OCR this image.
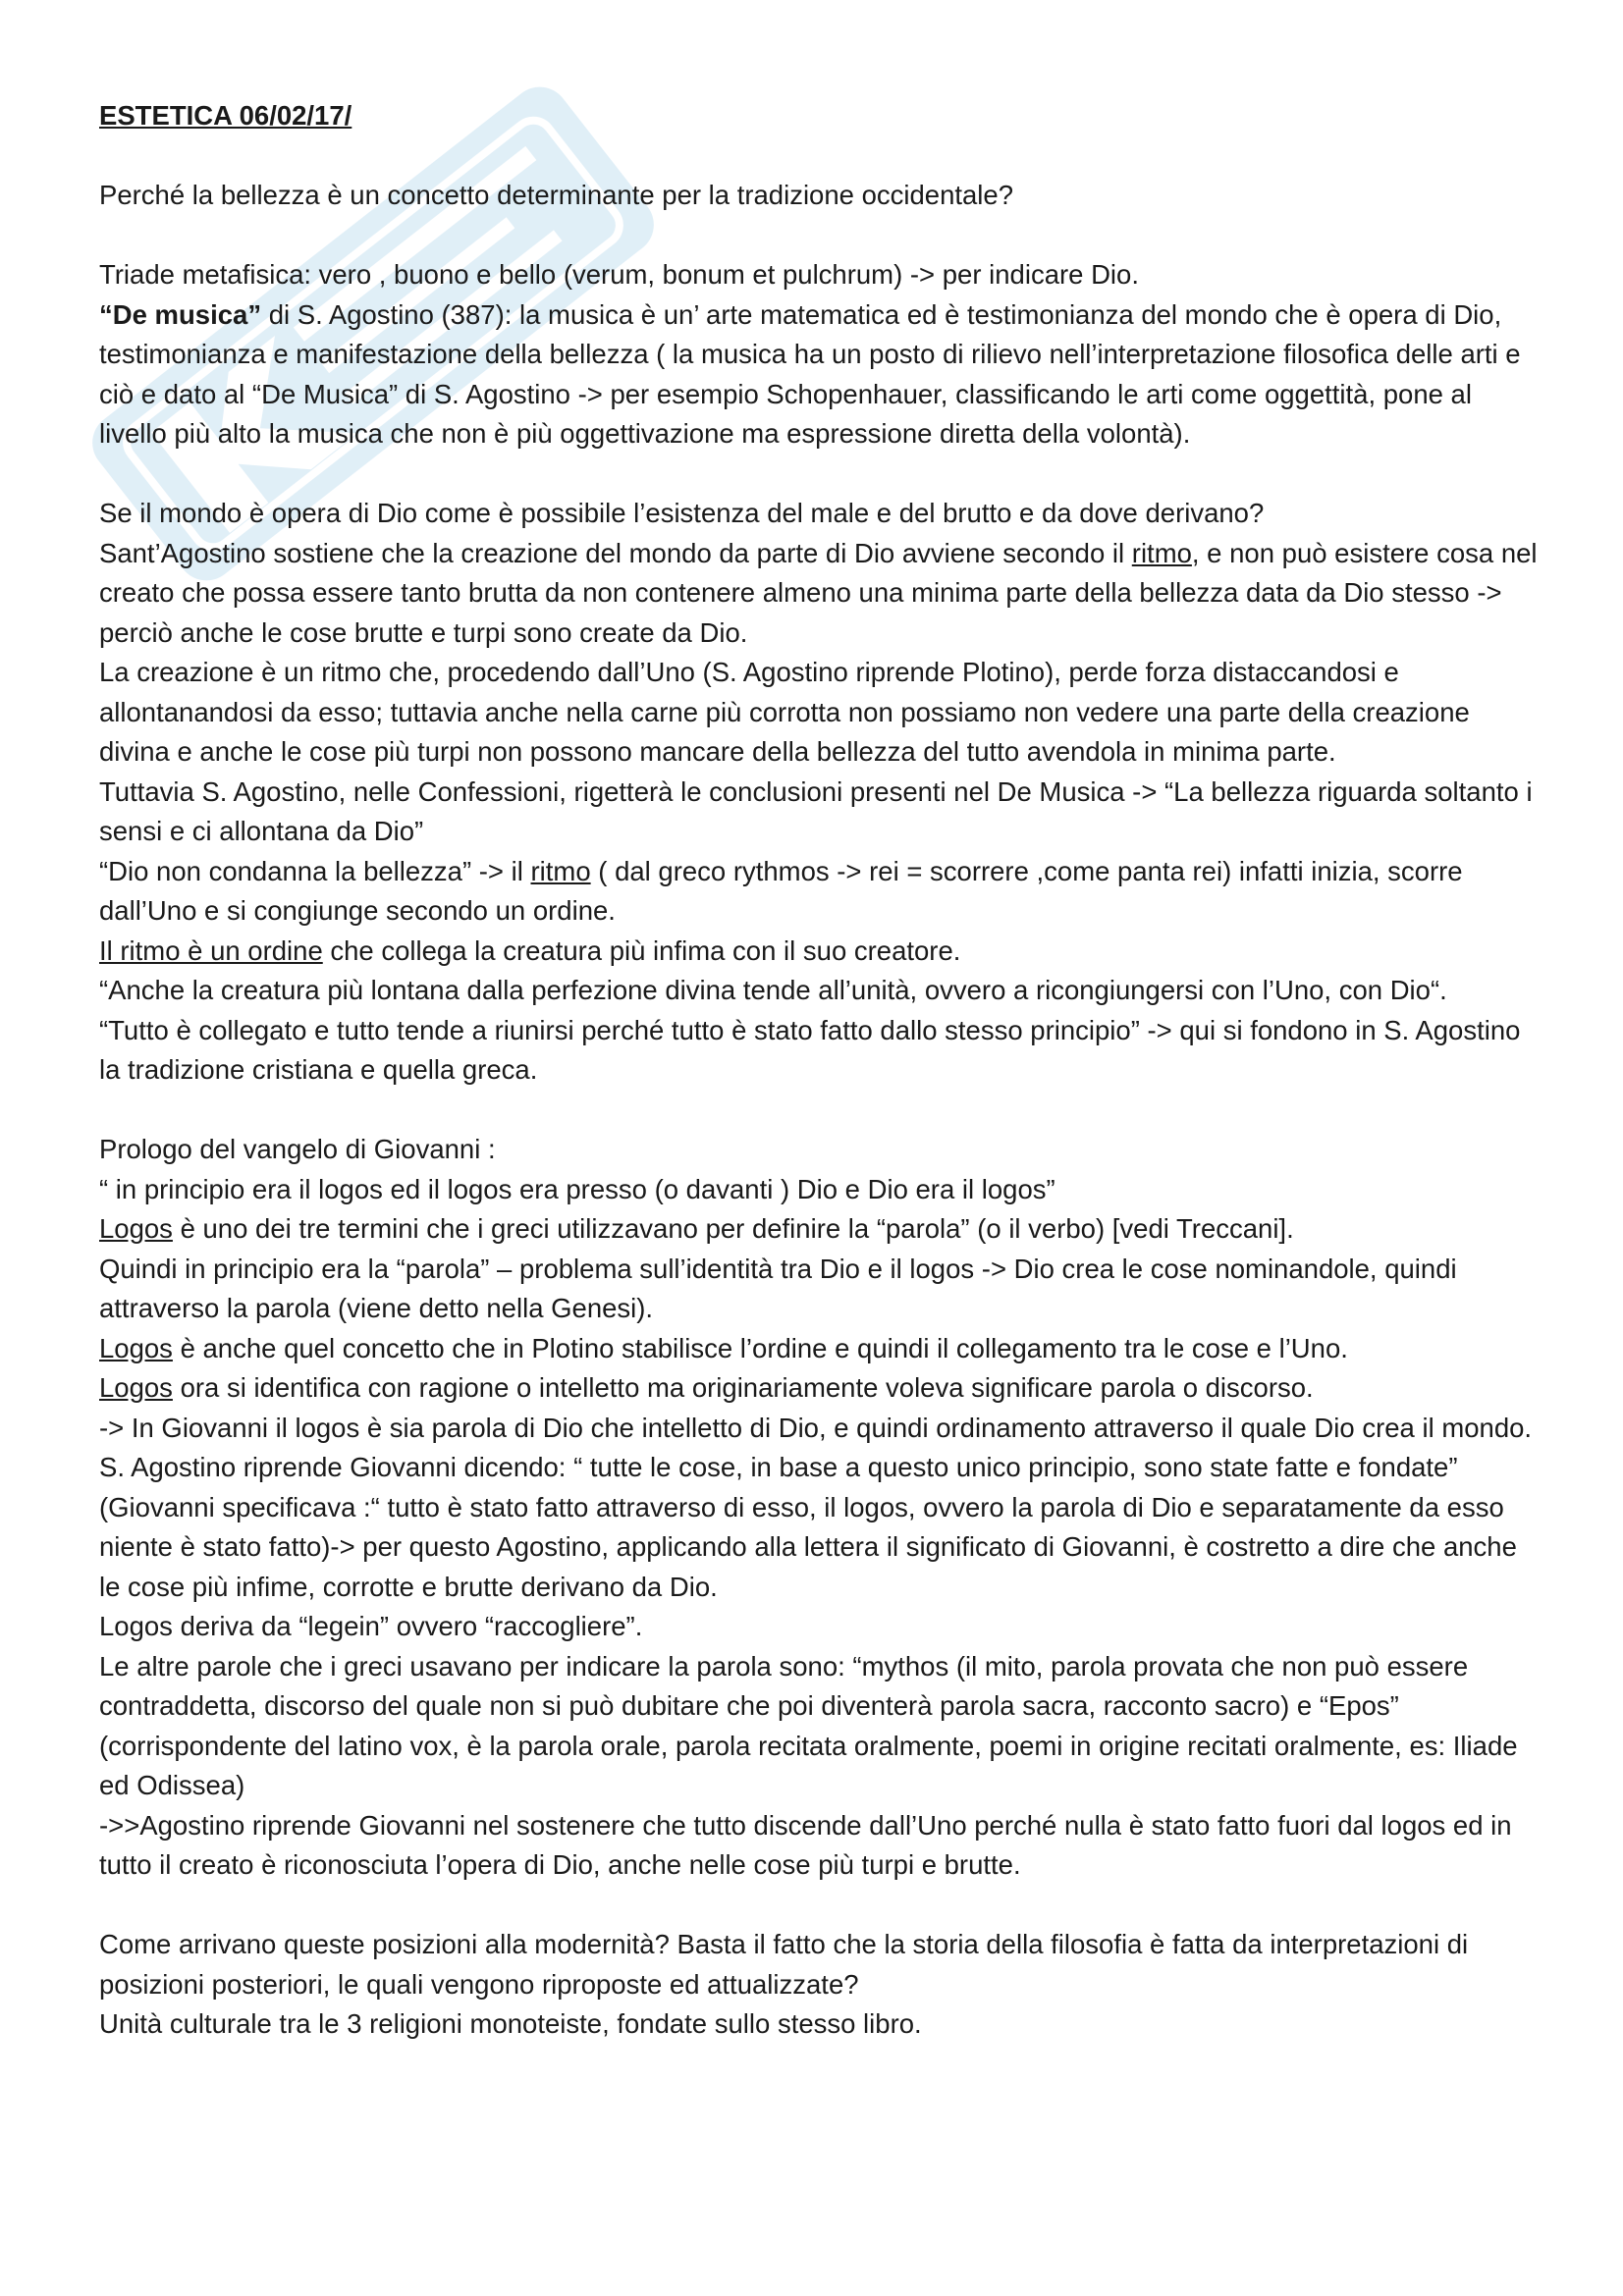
ESTETICA 06/02/17/

Perché la bellezza è un concetto determinante per la tradizione occidentale?

Triade metafisica: vero , buono e bello (verum, bonum et pulchrum) -> per indicare Dio.

“De musica” di S. Agostino (387): la musica è un’ arte matematica ed è testimonianza del mondo che è opera di Dio, testimonianza e manifestazione della bellezza ( la musica ha un posto di rilievo nell’interpretazione filosofica delle arti e ciò e dato al “De Musica” di S. Agostino -> per esempio Schopenhauer, classificando le arti come oggettità, pone al livello più alto la musica che non è più oggettivazione ma espressione diretta della volontà).

Se il mondo è opera di Dio come è possibile l’esistenza del male e del brutto e da dove derivano?

Sant’Agostino sostiene che la creazione del mondo da parte di Dio avviene secondo il ritmo, e non può esistere cosa nel creato che possa essere tanto brutta da non contenere almeno una minima parte della bellezza data da Dio stesso -> perciò anche le cose brutte e turpi sono create da Dio.

La creazione è un ritmo che, procedendo dall’Uno (S. Agostino riprende Plotino), perde forza distaccandosi e allontanandosi da esso; tuttavia anche nella carne più corrotta non possiamo non vedere una parte della creazione divina e anche le cose più turpi non possono mancare della bellezza del tutto avendola in minima parte.

Tuttavia S. Agostino, nelle Confessioni, rigetterà le conclusioni presenti nel De Musica -> “La bellezza riguarda soltanto i sensi e ci allontana da Dio”

“Dio non condanna la bellezza” -> il ritmo ( dal greco rythmos -> rei = scorrere ,come panta rei) infatti inizia, scorre dall’Uno e si congiunge secondo un ordine.

Il ritmo è un ordine che collega la creatura più infima con il suo creatore.

“Anche la creatura più lontana dalla perfezione divina tende all’unità, ovvero a ricongiungersi con l’Uno, con Dio“.

“Tutto è collegato e tutto tende a riunirsi perché tutto è stato fatto dallo stesso principio” -> qui si fondono in S. Agostino la tradizione cristiana e quella greca.

Prologo del vangelo di Giovanni :

“ in principio era il logos ed il logos era presso (o davanti ) Dio e Dio era il logos”

Logos è uno dei tre termini che i greci utilizzavano per definire la “parola” (o il verbo) [vedi Treccani].

Quindi in principio era la “parola” – problema sull’identità tra Dio e il logos -> Dio crea le cose nominandole, quindi attraverso la parola (viene detto nella Genesi).

Logos è anche quel concetto che in Plotino stabilisce l’ordine e quindi il collegamento tra le cose e l’Uno.

Logos ora si identifica con ragione o intelletto ma originariamente voleva significare parola o discorso.

-> In Giovanni il logos è sia parola di Dio che intelletto di Dio, e quindi ordinamento attraverso il quale Dio crea il mondo.

S. Agostino riprende Giovanni dicendo: “ tutte le cose, in base a questo unico principio, sono state fatte e fondate” (Giovanni specificava :“ tutto è stato fatto attraverso di esso, il logos, ovvero la parola di Dio e separatamente da esso niente è stato fatto)-> per questo Agostino, applicando alla lettera il significato di Giovanni, è costretto a dire che anche le cose più infime, corrotte e brutte derivano da Dio.

Logos deriva da “legein” ovvero “raccogliere”.

Le altre parole che i greci usavano per indicare la parola sono: “mythos (il mito, parola provata che non può essere contraddetta, discorso del quale non si può dubitare che poi diventerà parola sacra, racconto sacro) e “Epos” (corrispondente del latino vox, è la parola orale, parola recitata oralmente, poemi in origine recitati oralmente, es: Iliade ed Odissea)

->>Agostino riprende Giovanni nel sostenere che tutto discende dall’Uno perché nulla è stato fatto fuori dal logos ed in tutto il creato è riconosciuta l’opera di Dio, anche nelle cose più turpi e brutte.

Come arrivano queste posizioni alla modernità? Basta il fatto che la storia della filosofia è fatta da interpretazioni di posizioni posteriori, le quali vengono riproposte ed attualizzate?

Unità culturale tra le 3 religioni monoteiste, fondate sullo stesso libro.
